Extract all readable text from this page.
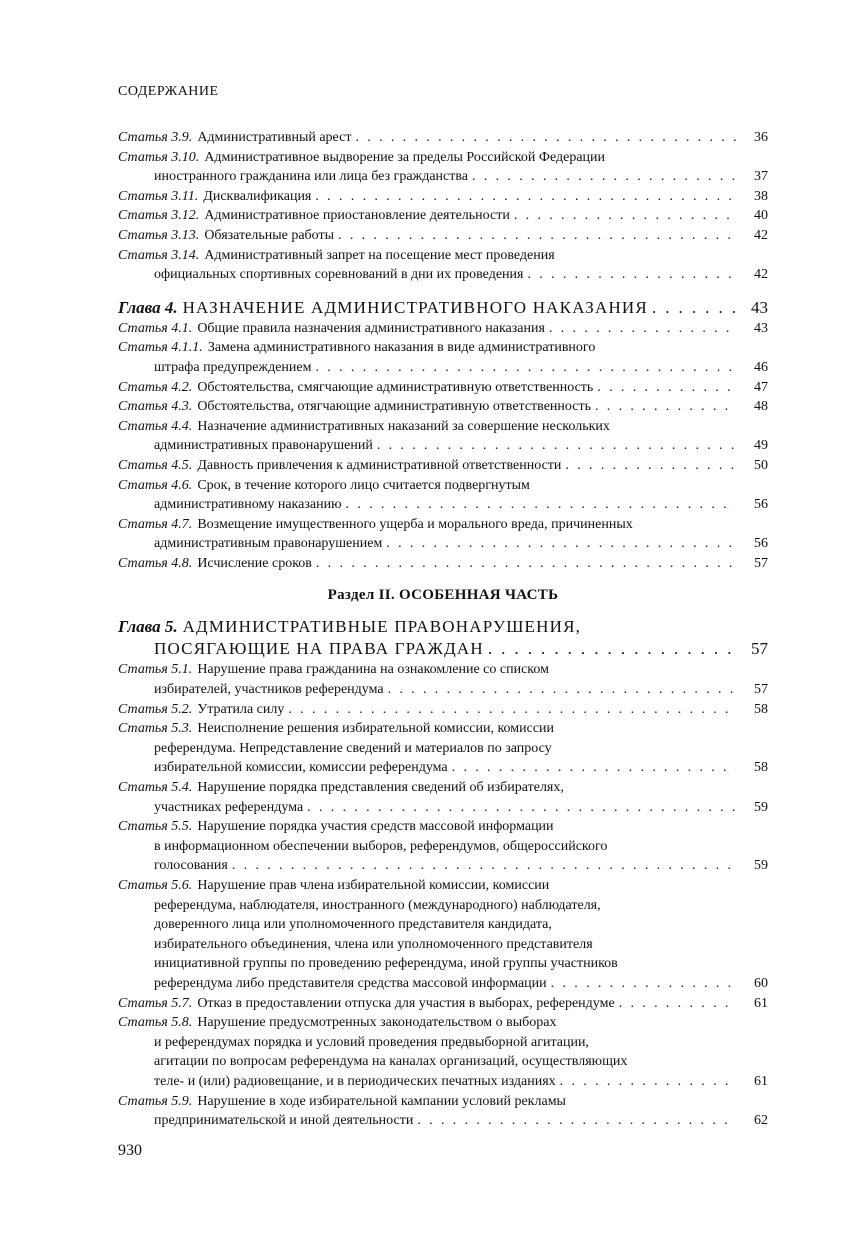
СОДЕРЖАНИЕ
Статья 3.9. Административный арест . . .	36
Статья 3.10. Административное выдворение за пределы Российской Федерации
иностранного гражданина или лица без гражданства . . .	37
Статья 3.11. Дисквалификация . . .	38
Статья 3.12. Административное приостановление деятельности . . .	40
Статья 3.13. Обязательные работы . . .	42
Статья 3.14. Административный запрет на посещение мест проведения
официальных спортивных соревнований в дни их проведения . . .	42
Глава 4. НАЗНАЧЕНИЕ АДМИНИСТРАТИВНОГО НАКАЗАНИЯ . . .	43
Статья 4.1. Общие правила назначения административного наказания . . .	43
Статья 4.1.1. Замена административного наказания в виде административного
штрафа предупреждением . . .	46
Статья 4.2. Обстоятельства, смягчающие административную ответственность . . .	47
Статья 4.3. Обстоятельства, отягчающие административную ответственность . . .	48
Статья 4.4. Назначение административных наказаний за совершение нескольких
административных правонарушений . . .	49
Статья 4.5. Давность привлечения к административной ответственности . . .	50
Статья 4.6. Срок, в течение которого лицо считается подвергнутым
административному наказанию . . .	56
Статья 4.7. Возмещение имущественного ущерба и морального вреда, причиненных
административным правонарушением . . .	56
Статья 4.8. Исчисление сроков . . .	57
Раздел II. ОСОБЕННАЯ ЧАСТЬ
Глава 5. АДМИНИСТРАТИВНЫЕ ПРАВОНАРУШЕНИЯ,
ПОСЯГАЮЩИЕ НА ПРАВА ГРАЖДАН . . .	57
Статья 5.1. Нарушение права гражданина на ознакомление со списком
избирателей, участников референдума . . .	57
Статья 5.2. Утратила силу . . .	58
Статья 5.3. Неисполнение решения избирательной комиссии, комиссии
референдума. Непредставление сведений и материалов по запросу
избирательной комиссии, комиссии референдума . . .	58
Статья 5.4. Нарушение порядка представления сведений об избирателях,
участниках референдума . . .	59
Статья 5.5. Нарушение порядка участия средств массовой информации
в информационном обеспечении выборов, референдумов, общероссийского
голосования . . .	59
Статья 5.6. Нарушение прав члена избирательной комиссии, комиссии
референдума, наблюдателя, иностранного (международного) наблюдателя,
доверенного лица или уполномоченного представителя кандидата,
избирательного объединения, члена или уполномоченного представителя
инициативной группы по проведению референдума, иной группы участников
референдума либо представителя средства массовой информации . . .	60
Статья 5.7. Отказ в предоставлении отпуска для участия в выборах, референдуме . . .	61
Статья 5.8. Нарушение предусмотренных законодательством о выборах
и референдумах порядка и условий проведения предвыборной агитации,
агитации по вопросам референдума на каналах организаций, осуществляющих
теле- и (или) радиовещание, и в периодических печатных изданиях . . .	61
Статья 5.9. Нарушение в ходе избирательной кампании условий рекламы
предпринимательской и иной деятельности . . .	62
930
